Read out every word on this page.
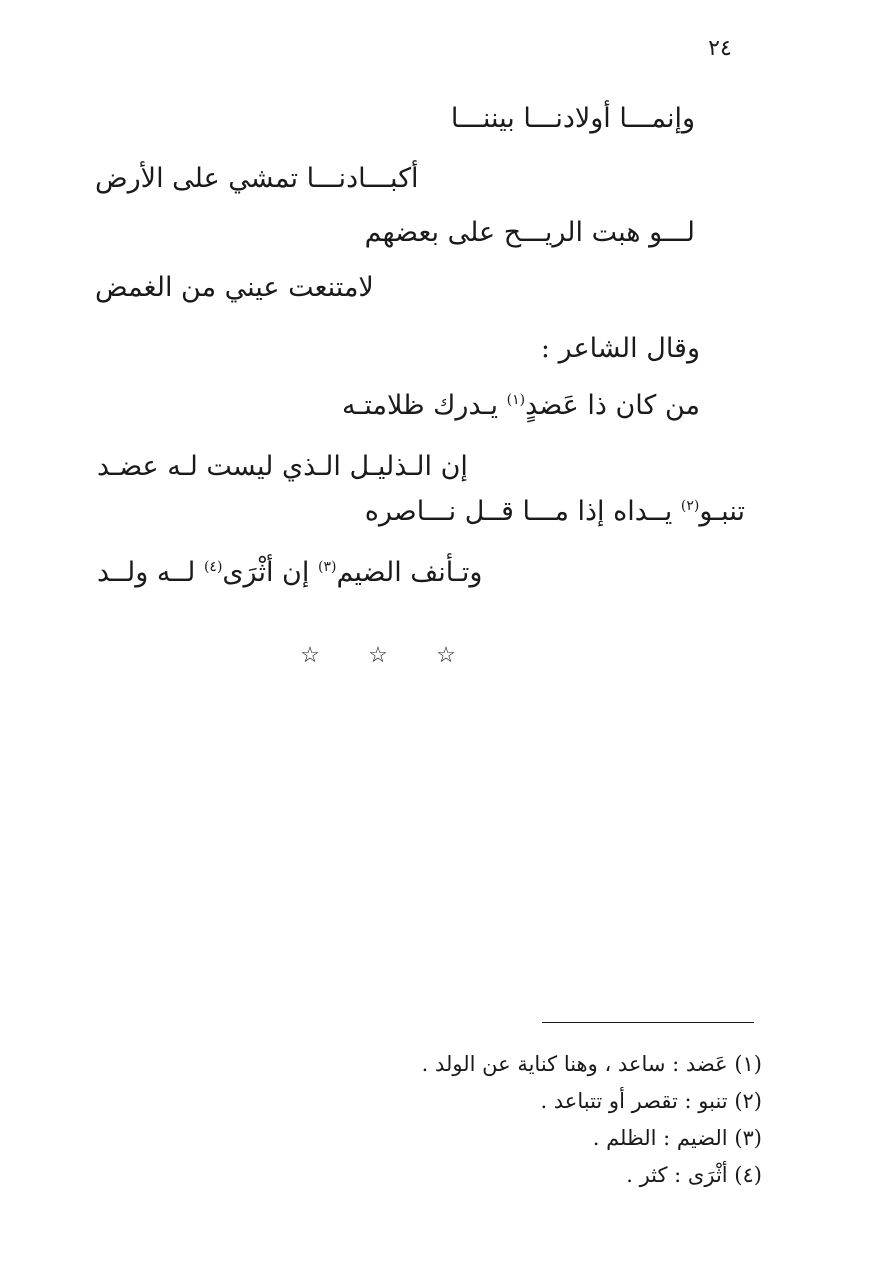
٢٤
وإنمـــا أولادنـــا بيننـــا
أكبـــادنـــا تمشي على الأرض
لـــو هبت الريـــح على بعضهم
لامتنعت عيني من الغمض
وقال الشاعر :
من كان ذا عَضدٍ$^{(١)}$ يـدرك ظلامتـه
إن الـذليـل الـذي ليست لـه عضـد
تنبـو$^{(٢)}$ يــداه إذا مـــا قــل نـــاصره
وتـأنف الضيم$^{(٣)}$ إن أثْرَى$^{(٤)}$ لــه ولــد
☆ ☆ ☆
(١) عَضد : ساعد ، وهنا كناية عن الولد .
(٢) تنبو : تقصر أو تتباعد .
(٣) الضيم : الظلم .
(٤) أثْرَى : كثر .
